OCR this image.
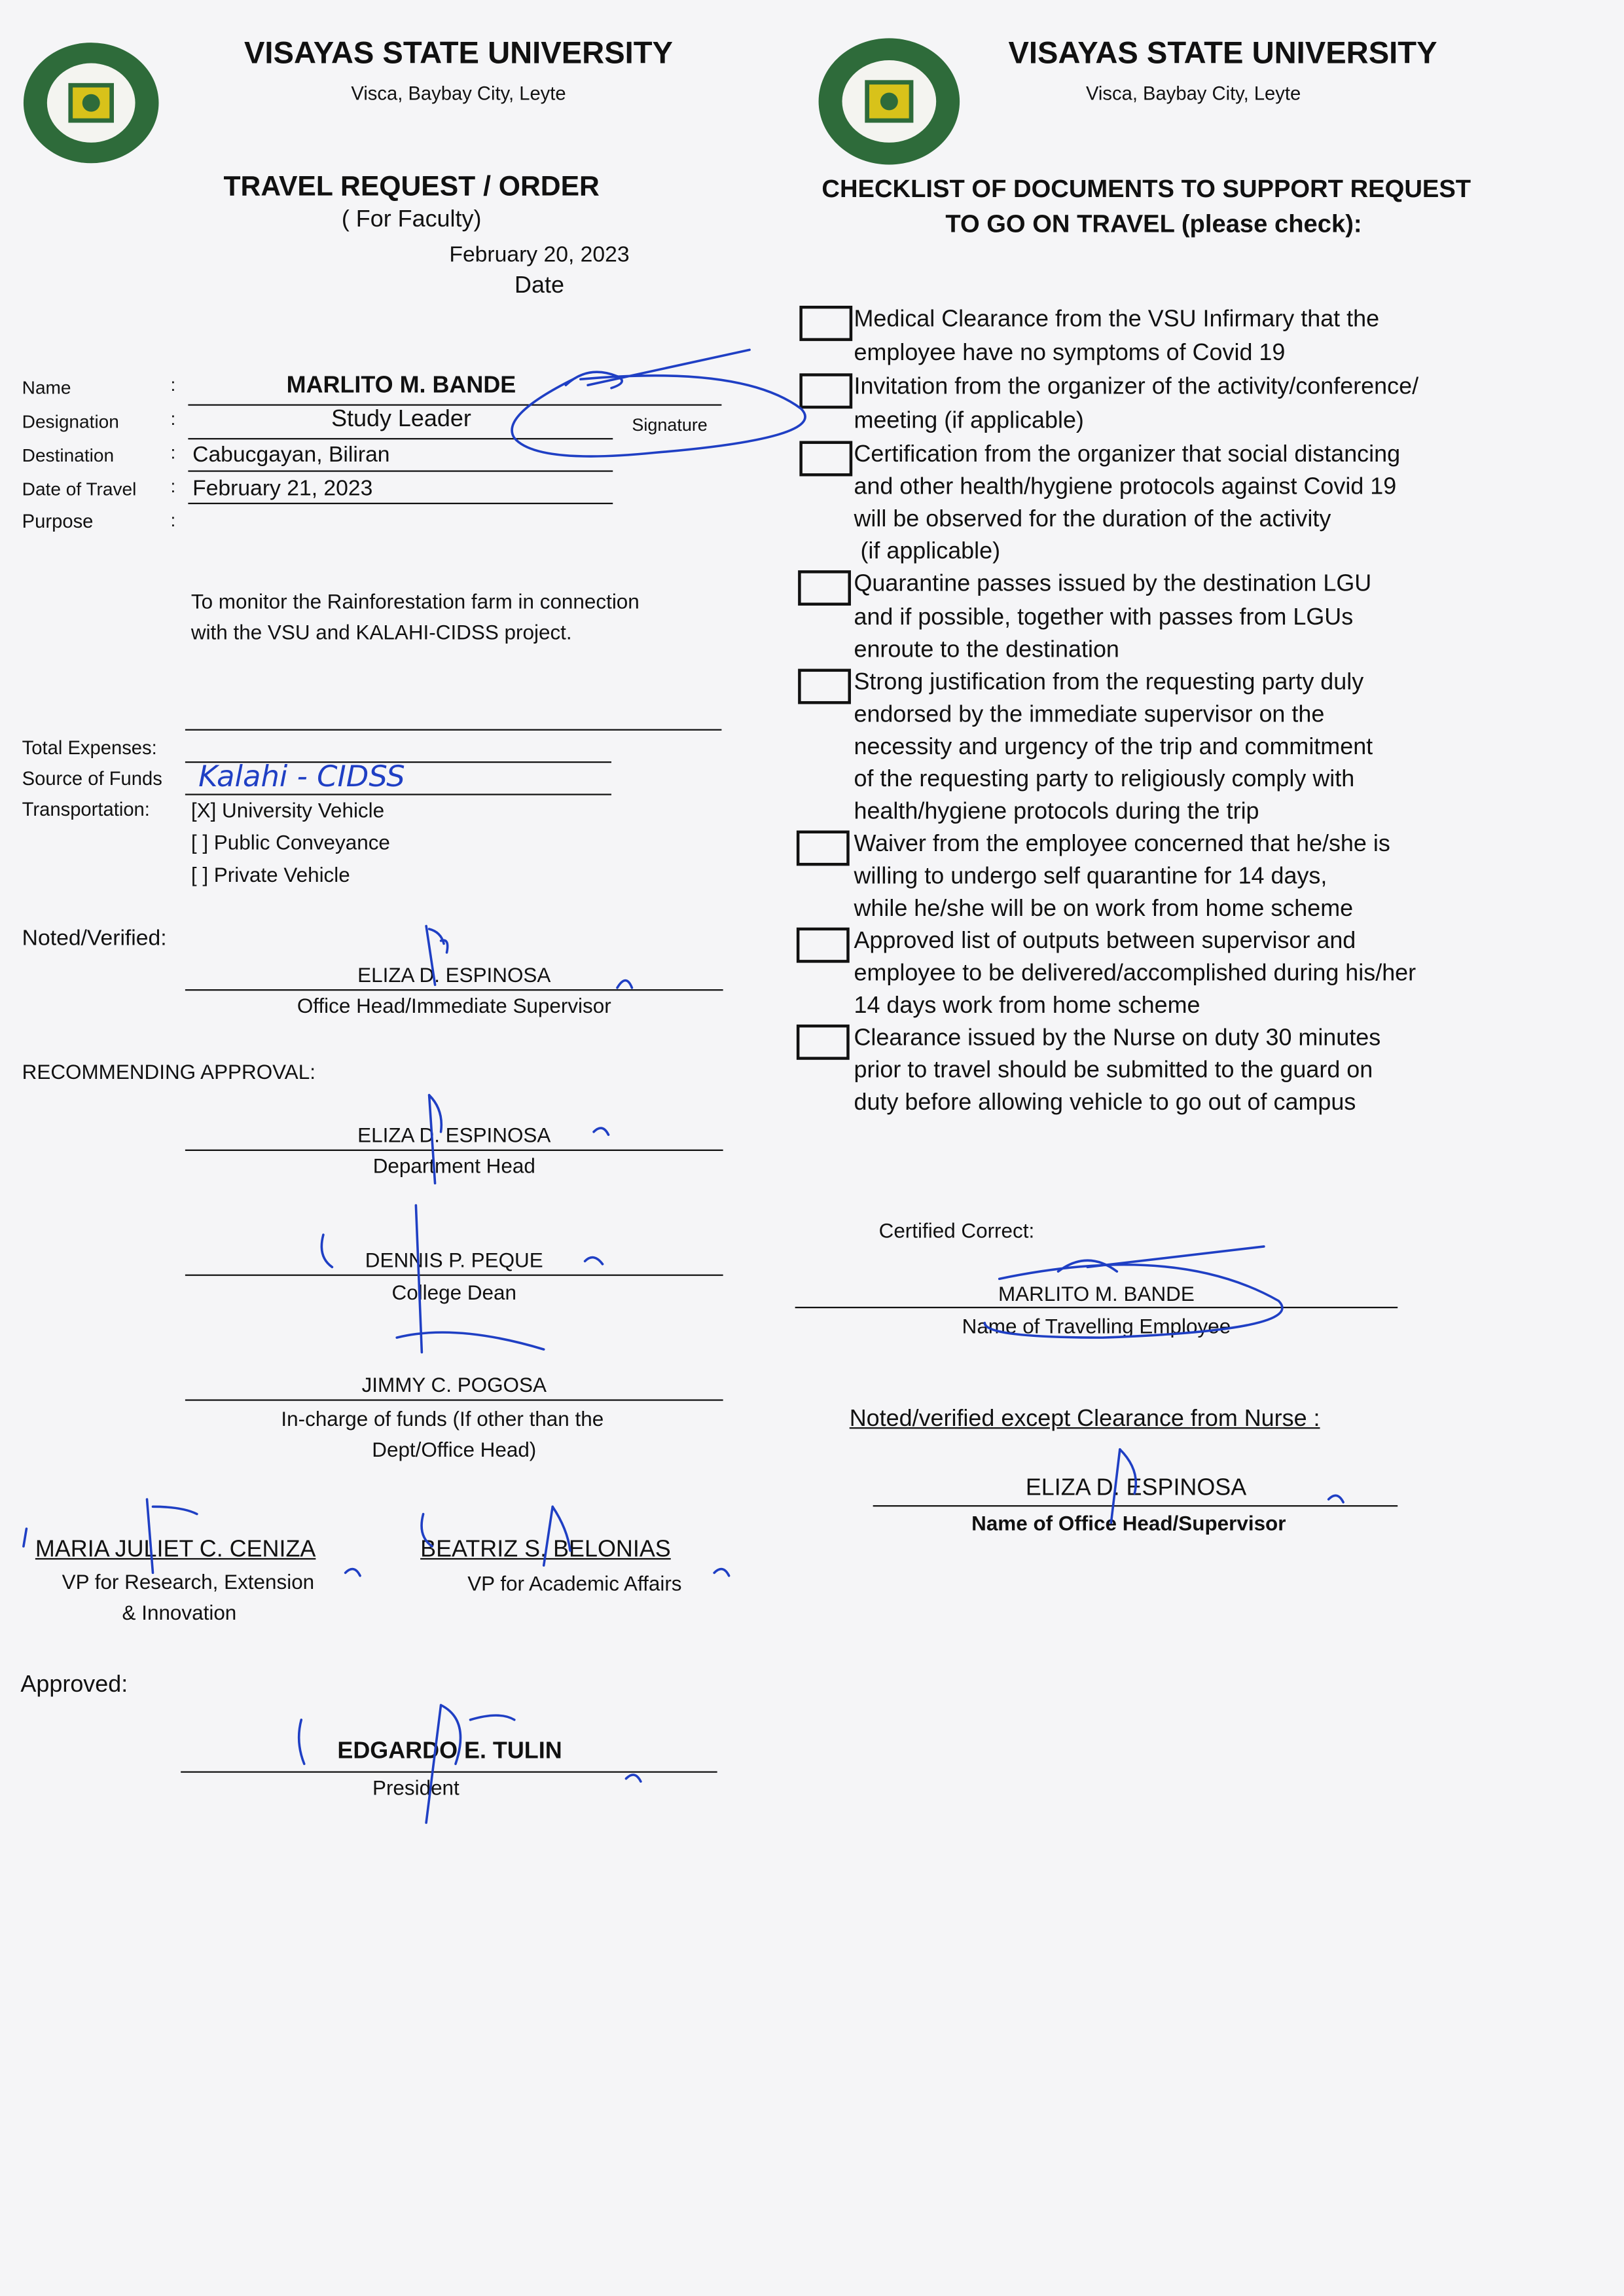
VISAYAS STATE UNIVERSITY
Visca, Baybay City, Leyte
VISAYAS STATE UNIVERSITY
Visca, Baybay City, Leyte
TRAVEL REQUEST / ORDER
( For Faculty)
February 20, 2023
Date
Name	:	MARLITO M. BANDE
Designation	:	Study Leader	Signature
Destination	: Cabucgayan, Biliran
Date of Travel	: February 21, 2023
Purpose	:
To monitor the Rainforestation farm in connection
with the VSU and KALAHI-CIDSS project.
Total Expenses:
Source of Funds	Kalahi - CIDSS
Transportation:	[X] University Vehicle
[ ] Public Conveyance
[ ] Private Vehicle
Noted/Verified:
ELIZA D. ESPINOSA
Office Head/Immediate Supervisor
RECOMMENDING APPROVAL:
ELIZA D. ESPINOSA
Department Head
DENNIS P. PEQUE
College Dean
JIMMY C. POGOSA
In-charge of funds (If other than the
Dept/Office Head)
MARIA JULIET C. CENIZA
VP for Research, Extension
& Innovation
BEATRIZ S. BELONIAS
VP for Academic Affairs
Approved:
EDGARDO E. TULIN
President
CHECKLIST OF DOCUMENTS TO SUPPORT REQUEST
TO GO ON TRAVEL (please check):
Medical Clearance from the VSU Infirmary that the
employee have no symptoms of Covid 19
Invitation from the organizer of the activity/conference/
meeting (if applicable)
Certification from the organizer that social distancing
and other health/hygiene protocols against Covid 19
will be observed for the duration of the activity
(if applicable)
Quarantine passes issued by the destination LGU
and if possible, together with passes from LGUs
enroute to the destination
Strong justification from the requesting party duly
endorsed by the immediate supervisor on the
necessity and urgency of the trip and commitment
of the requesting party to religiously comply with
health/hygiene protocols during the trip
Waiver from the employee concerned that he/she is
willing to undergo self quarantine for 14 days,
while he/she will be on work from home scheme
Approved list of outputs between supervisor and
employee to be delivered/accomplished during his/her
14 days work from home scheme
Clearance issued by the Nurse on duty 30 minutes
prior to travel should be submitted to the guard on
duty before allowing vehicle to go out of campus
Certified Correct:
MARLITO M. BANDE
Name of Travelling Employee
Noted/verified except Clearance from Nurse :
ELIZA D. ESPINOSA
Name of Office Head/Supervisor
